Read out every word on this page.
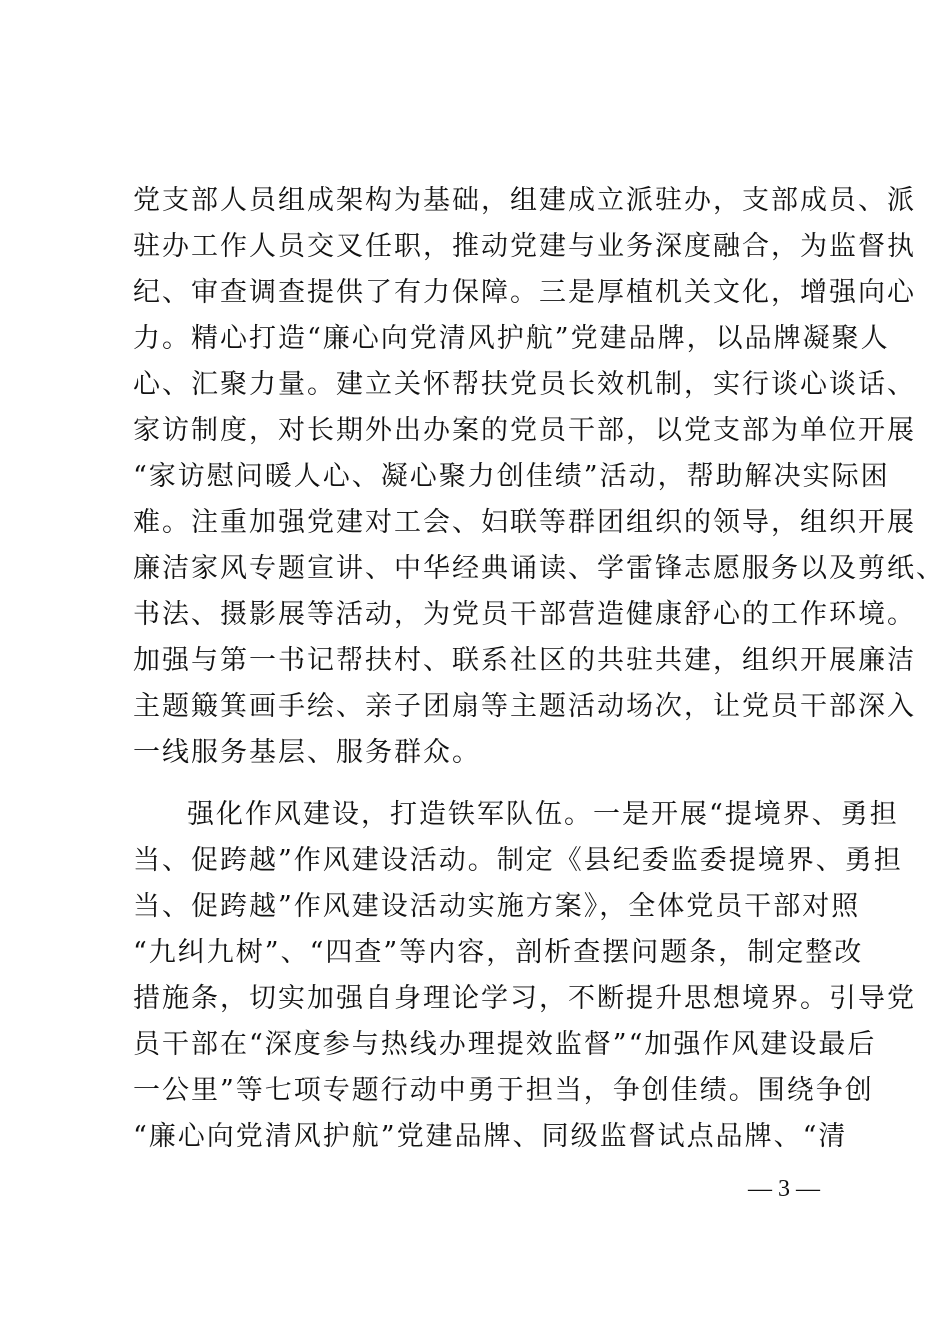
党支部人员组成架构为基础，组建成立派驻办，支部成员、派
驻办工作人员交叉任职，推动党建与业务深度融合，为监督执
纪、审查调查提供了有力保障。三是厚植机关文化，增强向心
力。精心打造“廉心向党清风护航”党建品牌，以品牌凝聚人
心、汇聚力量。建立关怀帮扶党员长效机制，实行谈心谈话、
家访制度，对长期外出办案的党员干部，以党支部为单位开展
“家访慰问暖人心、凝心聚力创佳绩”活动，帮助解决实际困
难。注重加强党建对工会、妇联等群团组织的领导，组织开展
廉洁家风专题宣讲、中华经典诵读、学雷锋志愿服务以及剪纸、
书法、摄影展等活动，为党员干部营造健康舒心的工作环境。
加强与第一书记帮扶村、联系社区的共驻共建，组织开展廉洁
主题簸箕画手绘、亲子团扇等主题活动场次，让党员干部深入
一线服务基层、服务群众。
强化作风建设，打造铁军队伍。一是开展“提境界、勇担
当、促跨越”作风建设活动。制定《县纪委监委提境界、勇担
当、促跨越”作风建设活动实施方案》，全体党员干部对照
“九纠九树”、“四查”等内容，剖析查摆问题条，制定整改
措施条，切实加强自身理论学习，不断提升思想境界。引导党
员干部在“深度参与热线办理提效监督”“加强作风建设最后
一公里”等七项专题行动中勇于担当，争创佳绩。围绕争创
“廉心向党清风护航”党建品牌、同级监督试点品牌、“清
— 3 —
